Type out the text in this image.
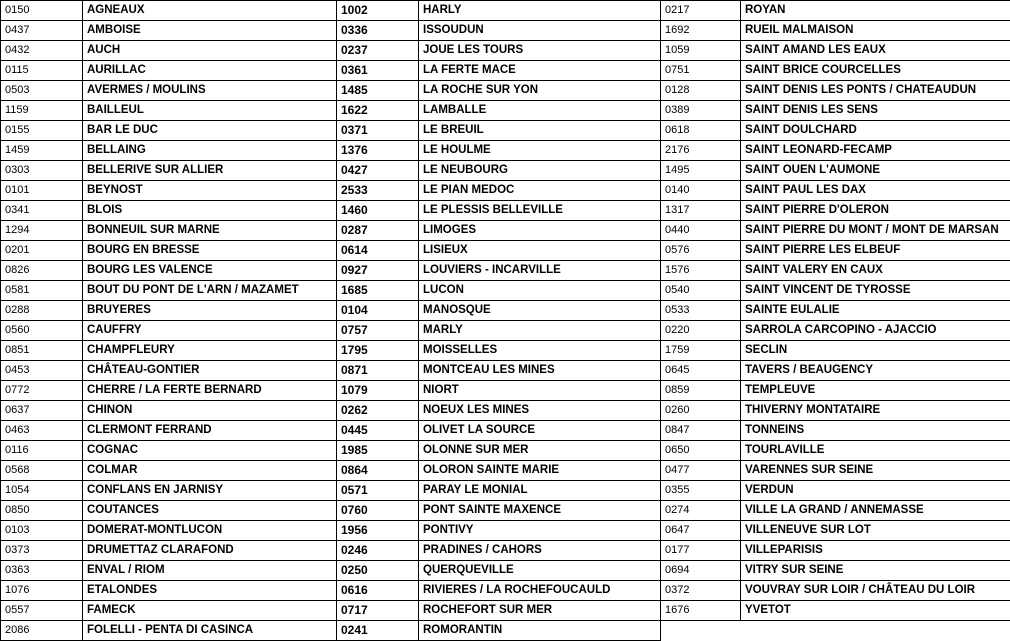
0150	AGNEAUX	1002	HARLY	0217	ROYAN
0437	AMBOISE	0336	ISSOUDUN	1692	RUEIL MALMAISON
0432	AUCH	0237	JOUE LES TOURS	1059	SAINT AMAND LES EAUX
0115	AURILLAC	0361	LA FERTE MACE	0751	SAINT BRICE COURCELLES
0503	AVERMES / MOULINS	1485	LA ROCHE SUR YON	0128	SAINT DENIS LES PONTS / CHATEAUDUN
1159	BAILLEUL	1622	LAMBALLE	0389	SAINT DENIS LES SENS
0155	BAR LE DUC	0371	LE BREUIL	0618	SAINT DOULCHARD
1459	BELLAING	1376	LE HOULME	2176	SAINT LEONARD-FECAMP
0303	BELLERIVE SUR ALLIER	0427	LE NEUBOURG	1495	SAINT OUEN L'AUMONE
0101	BEYNOST	2533	LE PIAN MEDOC	0140	SAINT PAUL LES DAX
0341	BLOIS	1460	LE PLESSIS BELLEVILLE	1317	SAINT PIERRE D'OLERON
1294	BONNEUIL SUR MARNE	0287	LIMOGES	0440	SAINT PIERRE DU MONT / MONT DE MARSAN
0201	BOURG EN BRESSE	0614	LISIEUX	0576	SAINT PIERRE LES ELBEUF
0826	BOURG LES VALENCE	0927	LOUVIERS - INCARVILLE	1576	SAINT VALERY EN CAUX
0581	BOUT DU PONT DE L'ARN / MAZAMET	1685	LUCON	0540	SAINT VINCENT DE TYROSSE
0288	BRUYERES	0104	MANOSQUE	0533	SAINTE EULALIE
0560	CAUFFRY	0757	MARLY	0220	SARROLA CARCOPINO - AJACCIO
0851	CHAMPFLEURY	1795	MOISSELLES	1759	SECLIN
0453	CHÂTEAU-GONTIER	0871	MONTCEAU LES MINES	0645	TAVERS / BEAUGENCY
0772	CHERRE / LA FERTE BERNARD	1079	NIORT	0859	TEMPLEUVE
0637	CHINON	0262	NOEUX LES MINES	0260	THIVERNY MONTATAIRE
0463	CLERMONT FERRAND	0445	OLIVET LA SOURCE	0847	TONNEINS
0116	COGNAC	1985	OLONNE SUR MER	0650	TOURLAVILLE
0568	COLMAR	0864	OLORON SAINTE MARIE	0477	VARENNES SUR SEINE
1054	CONFLANS EN JARNISY	0571	PARAY LE MONIAL	0355	VERDUN
0850	COUTANCES	0760	PONT SAINTE MAXENCE	0274	VILLE LA GRAND / ANNEMASSE
0103	DOMERAT-MONTLUCON	1956	PONTIVY	0647	VILLENEUVE SUR LOT
0373	DRUMETTAZ CLARAFOND	0246	PRADINES / CAHORS	0177	VILLEPARISIS
0363	ENVAL / RIOM	0250	QUERQUEVILLE	0694	VITRY SUR SEINE
1076	ETALONDES	0616	RIVIERES / LA ROCHEFOUCAULD	0372	VOUVRAY SUR LOIR / CHÂTEAU DU LOIR
0557	FAMECK	0717	ROCHEFORT SUR MER	1676	YVETOT
2086	FOLELLI - PENTA DI CASINCA	0241	ROMORANTIN		
